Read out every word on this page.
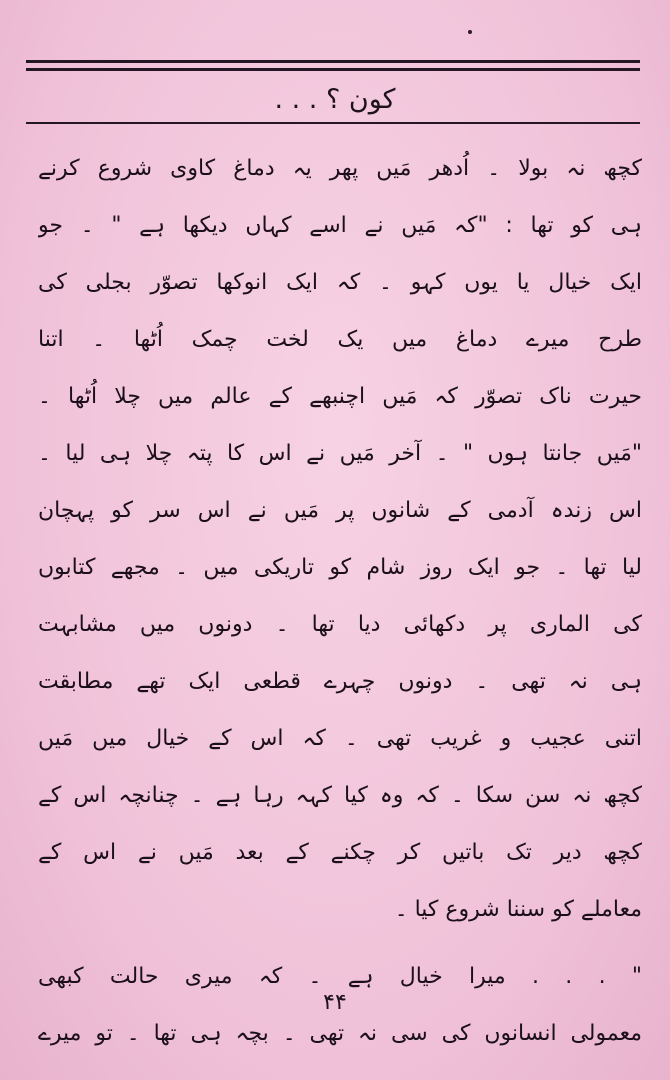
کون ؟ . . .
کچھ نہ بولا ۔ اُدھر مَیں پھر یہ دماغ کاوی شروع کرنے
ہی کو تھا : "کہ مَیں نے اسے کہاں دیکھا ہے " ۔ جو
ایک خیال یا یوں کہو ۔ کہ ایک انوکھا تصوّر بجلی کی
طرح میرے دماغ میں یک لخت چمک اُٹھا ۔ اتنا
حیرت ناک تصوّر کہ مَیں اچنبھے کے عالم میں چلا اُٹھا ۔
"مَیں جانتا ہوں " ۔ آخر مَیں نے اس کا پتہ چلا ہی لیا ۔
اس زندہ آدمی کے شانوں پر مَیں نے اس سر کو پہچان
لیا تھا ۔ جو ایک روز شام کو تاریکی میں ۔ مجھے کتابوں
کی الماری پر دکھائی دیا تھا ۔ دونوں میں مشابہت
ہی نہ تھی ۔ دونوں چہرے قطعی ایک تھے مطابقت
اتنی عجیب و غریب تھی ۔ کہ اس کے خیال میں مَیں
کچھ نہ سن سکا ۔ کہ وہ کیا کہہ رہا ہے ۔ چنانچہ اس کے
کچھ دیر تک باتیں کر چکنے کے بعد مَیں نے اس کے
معاملے کو سننا شروع کیا ۔
" . . . میرا خیال ہے ۔ کہ میری حالت کبھی
معمولی انسانوں کی سی نہ تھی ۔ بچہ ہی تھا ۔ تو میرے
۴۴
